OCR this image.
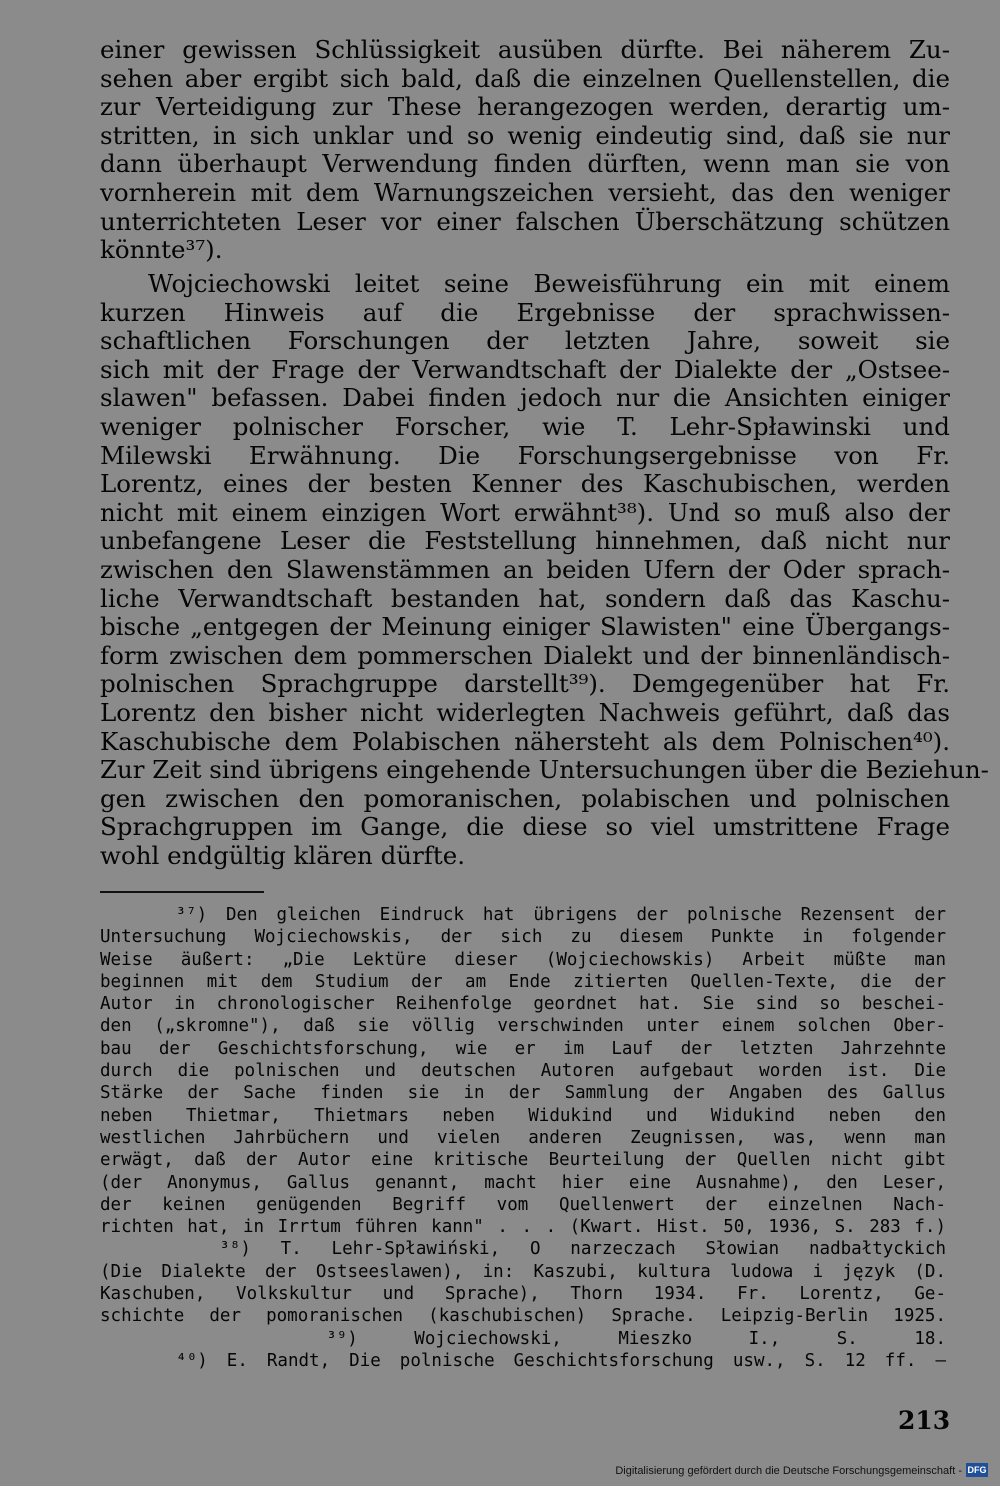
einer gewissen Schlüssigkeit ausüben dürfte. Bei näherem Zu-
sehen aber ergibt sich bald, daß die einzelnen Quellenstellen, die
zur Verteidigung zur These herangezogen werden, derartig um-
stritten, in sich unklar und so wenig eindeutig sind, daß sie nur
dann überhaupt Verwendung finden dürften, wenn man sie von
vornherein mit dem Warnungszeichen versieht, das den weniger
unterrichteten Leser vor einer falschen Überschätzung schützen
könnte³⁷).
Wojciechowski leitet seine Beweisführung ein mit einem
kurzen Hinweis auf die Ergebnisse der sprachwissen-
schaftlichen Forschungen der letzten Jahre, soweit sie
sich mit der Frage der Verwandtschaft der Dialekte der „Ostsee-
slawen" befassen. Dabei finden jedoch nur die Ansichten einiger
weniger polnischer Forscher, wie T. Lehr-Spławinski und
Milewski Erwähnung. Die Forschungsergebnisse von Fr.
Lorentz, eines der besten Kenner des Kaschubischen, werden
nicht mit einem einzigen Wort erwähnt³⁸). Und so muß also der
unbefangene Leser die Feststellung hinnehmen, daß nicht nur
zwischen den Slawenstämmen an beiden Ufern der Oder sprach-
liche Verwandtschaft bestanden hat, sondern daß das Kaschu-
bische „entgegen der Meinung einiger Slawisten" eine Übergangs-
form zwischen dem pommerschen Dialekt und der binnenländisch-
polnischen Sprachgruppe darstellt³⁹). Demgegenüber hat Fr.
Lorentz den bisher nicht widerlegten Nachweis geführt, daß das
Kaschubische dem Polabischen nähersteht als dem Polnischen⁴⁰).
Zur Zeit sind übrigens eingehende Untersuchungen über die Beziehun-
gen zwischen den pomoranischen, polabischen und polnischen
Sprachgruppen im Gange, die diese so viel umstrittene Frage
wohl endgültig klären dürfte.
³⁷) Den gleichen Eindruck hat übrigens der polnische Rezensent der
Untersuchung Wojciechowskis, der sich zu diesem Punkte in folgender
Weise äußert: „Die Lektüre dieser (Wojciechowskis) Arbeit müßte man
beginnen mit dem Studium der am Ende zitierten Quellen-Texte, die der
Autor in chronologischer Reihenfolge geordnet hat. Sie sind so beschei-
den („skromne"), daß sie völlig verschwinden unter einem solchen Ober-
bau der Geschichtsforschung, wie er im Lauf der letzten Jahrzehnte
durch die polnischen und deutschen Autoren aufgebaut worden ist. Die
Stärke der Sache finden sie in der Sammlung der Angaben des Gallus
neben Thietmar, Thietmars neben Widukind und Widukind neben den
westlichen Jahrbüchern und vielen anderen Zeugnissen, was, wenn man
erwägt, daß der Autor eine kritische Beurteilung der Quellen nicht gibt
(der Anonymus, Gallus genannt, macht hier eine Ausnahme), den Leser,
der keinen genügenden Begriff vom Quellenwert der einzelnen Nach-
richten hat, in Irrtum führen kann" . . . (Kwart. Hist. 50, 1936, S. 283 f.)
³⁸) T. Lehr-Spławiński, O narzeczach Słowian nadbałtyckich
(Die Dialekte der Ostseeslawen), in: Kaszubi, kultura ludowa i język (D.
Kaschuben, Volkskultur und Sprache), Thorn 1934. Fr. Lorentz, Ge-
schichte der pomoranischen (kaschubischen) Sprache. Leipzig-Berlin 1925.
³⁹) Wojciechowski, Mieszko I., S. 18.
⁴⁰) E. Randt, Die polnische Geschichtsforschung usw., S. 12 ff. —
213
Digitalisierung gefördert durch die Deutsche Forschungsgemeinschaft - DFG
